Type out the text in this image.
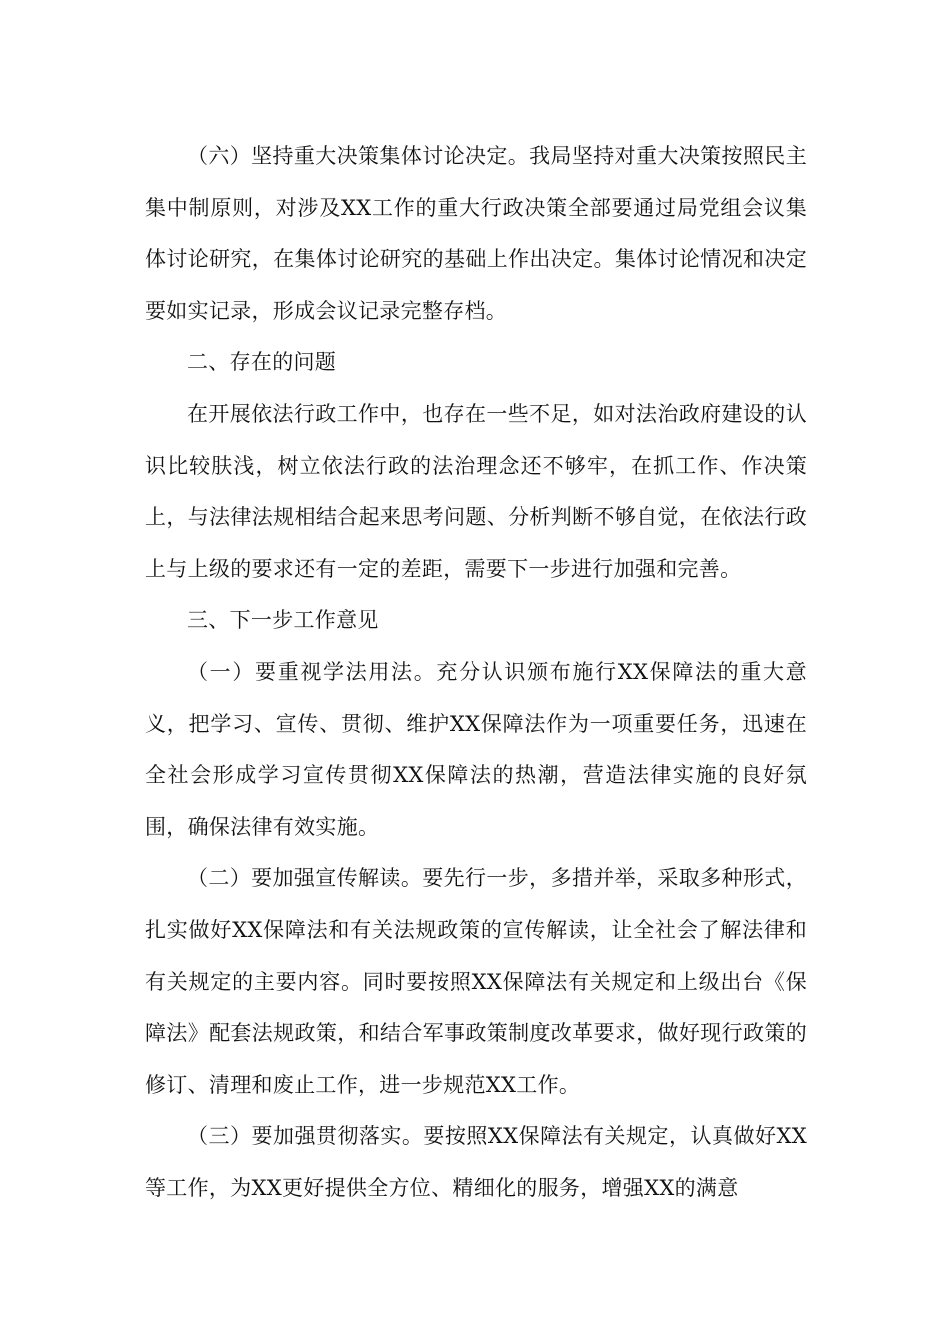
（六）坚持重大决策集体讨论决定。我局坚持对重大决策按照民主集中制原则，对涉及XX工作的重大行政决策全部要通过局党组会议集体讨论研究，在集体讨论研究的基础上作出决定。集体讨论情况和决定要如实记录，形成会议记录完整存档。

二、存在的问题

在开展依法行政工作中，也存在一些不足，如对法治政府建设的认识比较肤浅，树立依法行政的法治理念还不够牢，在抓工作、作决策上，与法律法规相结合起来思考问题、分析判断不够自觉，在依法行政上与上级的要求还有一定的差距，需要下一步进行加强和完善。

三、下一步工作意见

（一）要重视学法用法。充分认识颁布施行XX保障法的重大意义，把学习、宣传、贯彻、维护XX保障法作为一项重要任务，迅速在全社会形成学习宣传贯彻XX保障法的热潮，营造法律实施的良好氛围，确保法律有效实施。

（二）要加强宣传解读。要先行一步，多措并举，采取多种形式，扎实做好XX保障法和有关法规政策的宣传解读，让全社会了解法律和有关规定的主要内容。同时要按照XX保障法有关规定和上级出台《保障法》配套法规政策，和结合军事政策制度改革要求，做好现行政策的修订、清理和废止工作，进一步规范XX工作。

（三）要加强贯彻落实。要按照XX保障法有关规定，认真做好XX等工作，为XX更好提供全方位、精细化的服务，增强XX的满意
